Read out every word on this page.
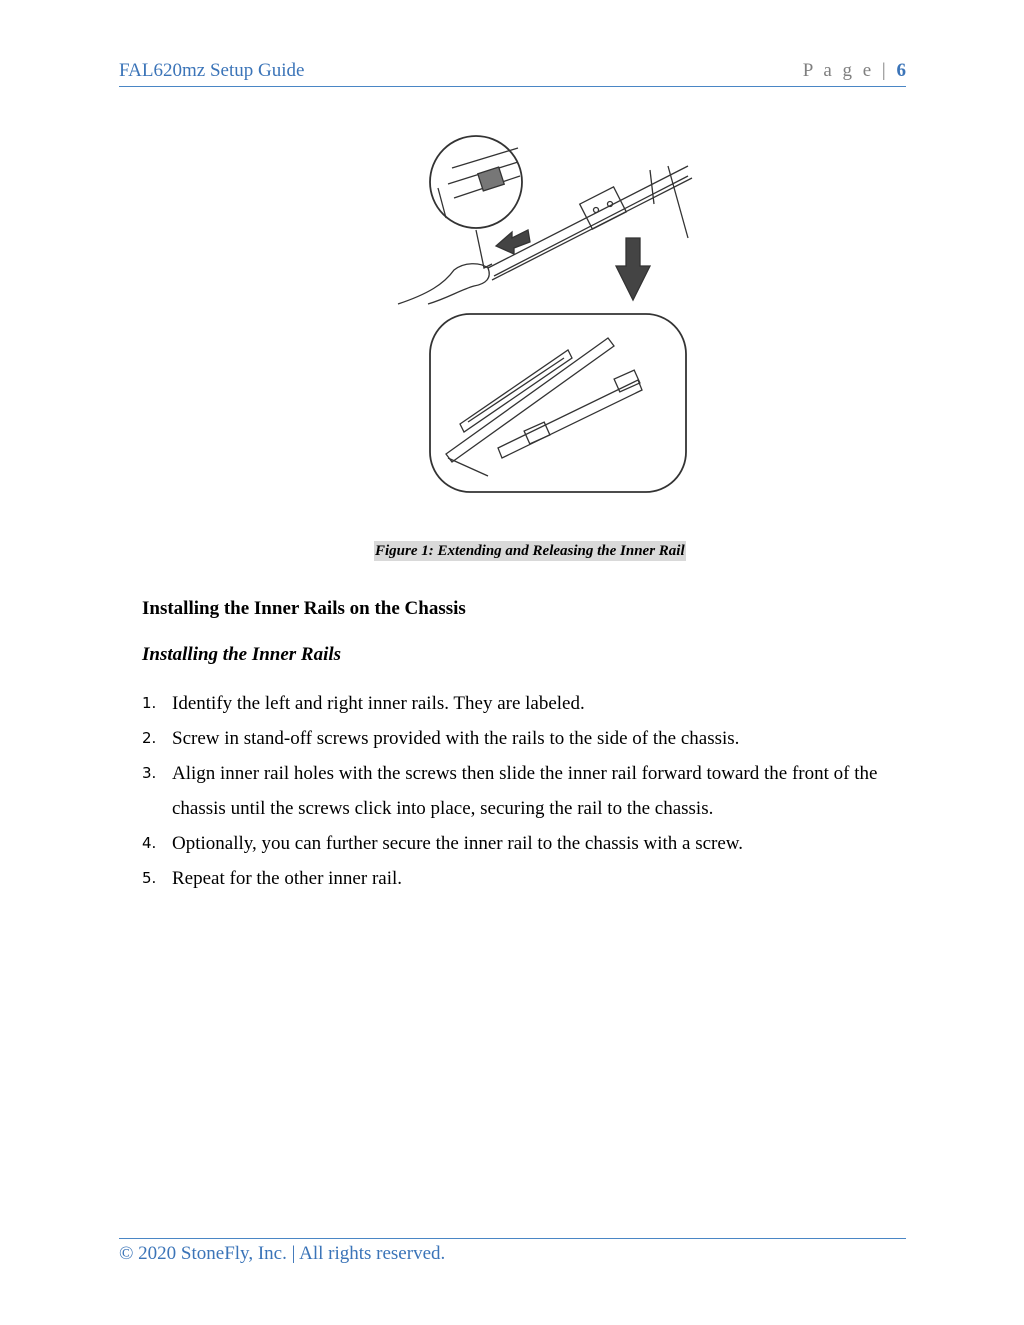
FAL620mz Setup Guide	P a g e | 6
Figure 1: Extending and Releasing the Inner Rail
Installing the Inner Rails on the Chassis
Installing the Inner Rails
1. Identify the left and right inner rails. They are labeled.
2. Screw in stand-off screws provided with the rails to the side of the chassis.
3. Align inner rail holes with the screws then slide the inner rail forward toward the front of the chassis until the screws click into place, securing the rail to the chassis.
4. Optionally, you can further secure the inner rail to the chassis with a screw.
5. Repeat for the other inner rail.
© 2020 StoneFly, Inc. | All rights reserved.
